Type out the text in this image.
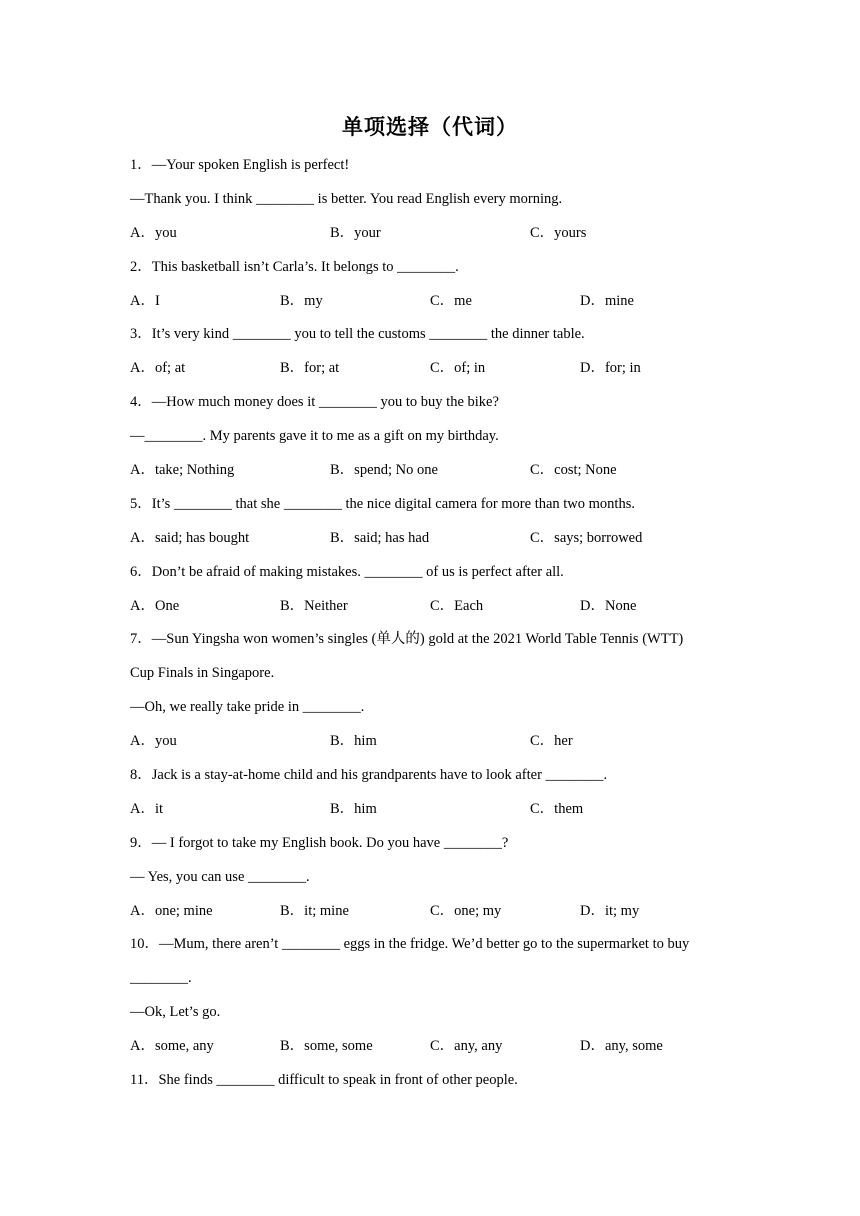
单项选择（代词）
1．—Your spoken English is perfect!
—Thank you. I think ________ is better. You read English every morning.
A．you	B．your	C．yours
2．This basketball isn’t Carla’s. It belongs to ________.
A．I	B．my	C．me	D．mine
3．It’s very kind ________ you to tell the customs ________ the dinner table.
A．of; at	B．for; at	C．of; in	D．for; in
4．—How much money does it ________ you to buy the bike?
—________. My parents gave it to me as a gift on my birthday.
A．take; Nothing	B．spend; No one	C．cost; None
5．It’s ________ that she ________ the nice digital camera for more than two months.
A．said; has bought	B．said; has had	C．says; borrowed
6．Don’t be afraid of making mistakes. ________ of us is perfect after all.
A．One	B．Neither	C．Each	D．None
7．—Sun Yingsha won women’s singles (单人的) gold at the 2021 World Table Tennis (WTT)
Cup Finals in Singapore.
—Oh, we really take pride in ________.
A．you	B．him	C．her
8．Jack is a stay-at-home child and his grandparents have to look after ________.
A．it	B．him	C．them
9．— I forgot to take my English book. Do you have ________?
— Yes, you can use ________.
A．one; mine	B．it; mine	C．one; my	D．it; my
10．—Mum, there aren’t ________ eggs in the fridge. We’d better go to the supermarket to buy
________.
—Ok, Let’s go.
A．some, any	B．some, some	C．any, any	D．any, some
11．She finds ________ difficult to speak in front of other people.
